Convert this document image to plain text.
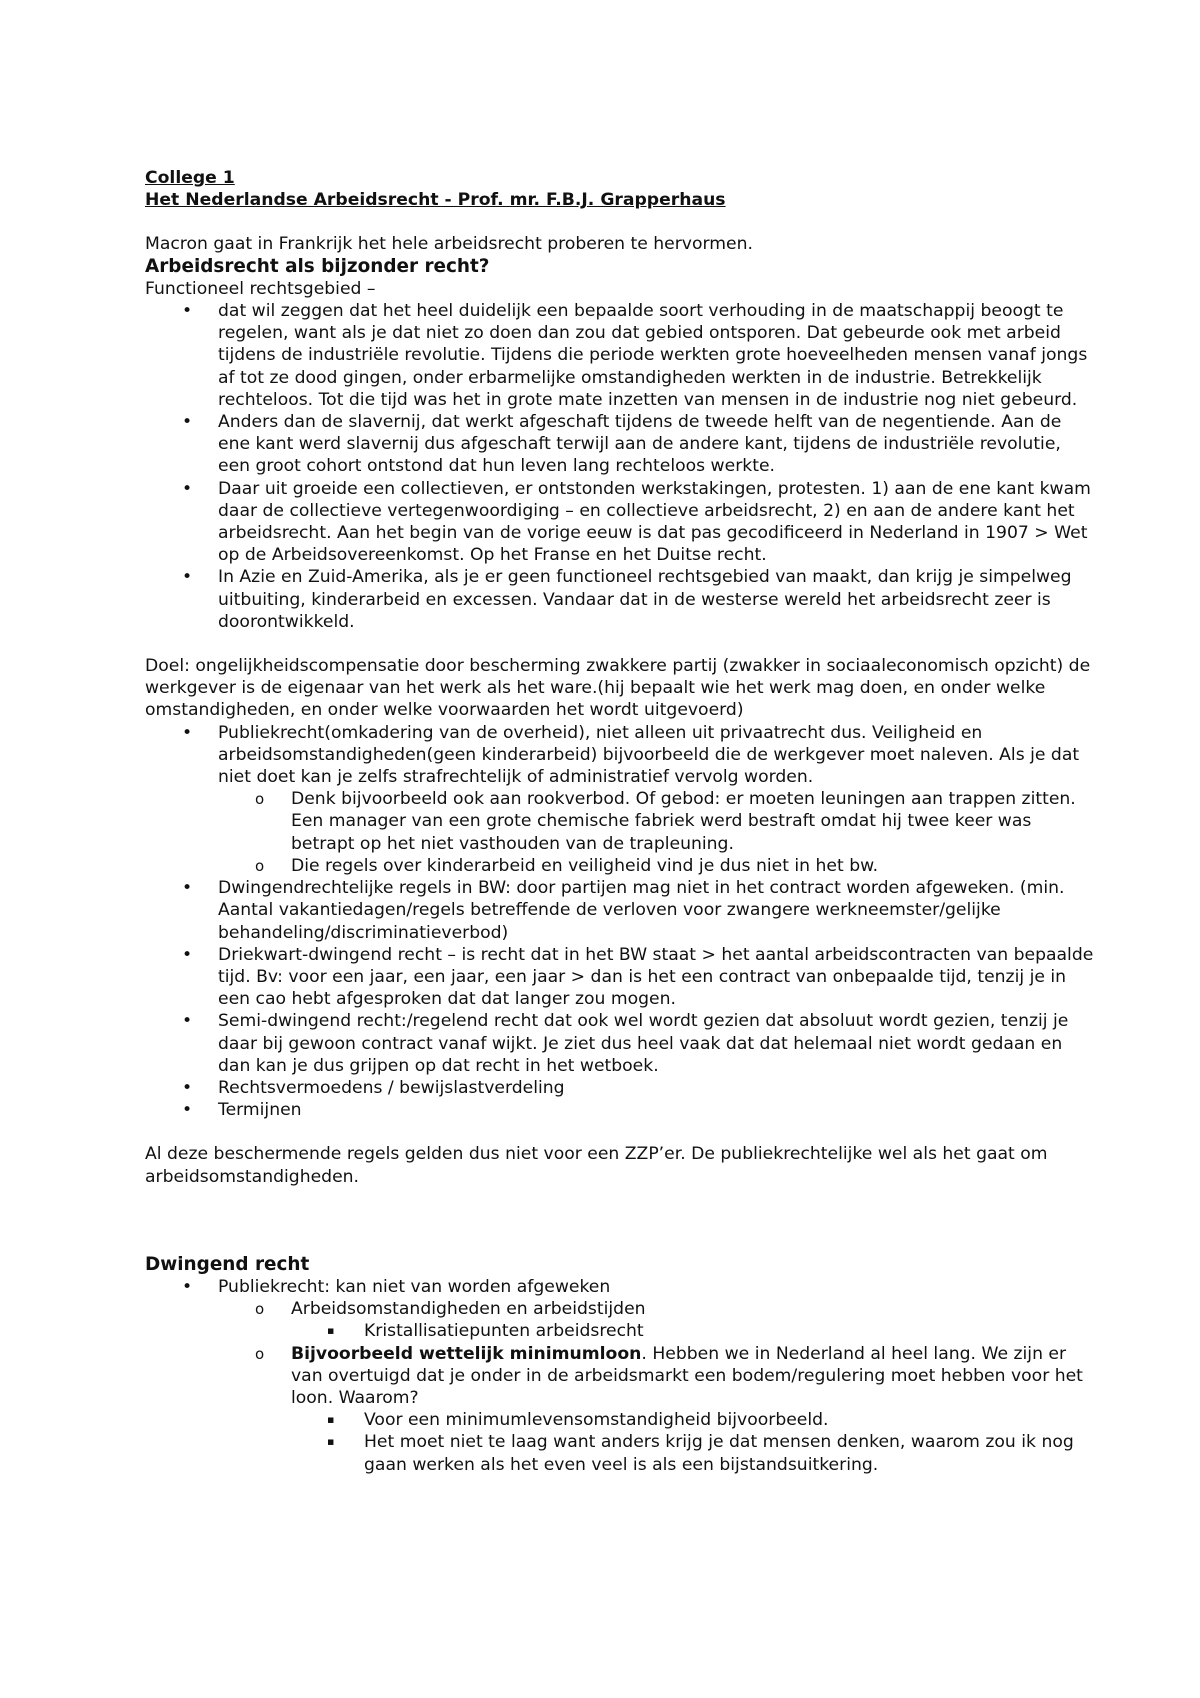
College 1
Het Nederlandse Arbeidsrecht - Prof. mr. F.B.J. Grapperhaus
Macron gaat in Frankrijk het hele arbeidsrecht proberen te hervormen.
Arbeidsrecht als bijzonder recht?
Functioneel rechtsgebied –
• dat wil zeggen dat het heel duidelijk een bepaalde soort verhouding in de maatschappij beoogt te regelen, want als je dat niet zo doen dan zou dat gebied ontsporen. Dat gebeurde ook met arbeid tijdens de industriële revolutie. Tijdens die periode werkten grote hoeveelheden mensen vanaf jongs af tot ze dood gingen, onder erbarmelijke omstandigheden werkten in de industrie. Betrekkelijk rechteloos. Tot die tijd was het in grote mate inzetten van mensen in de industrie nog niet gebeurd.
• Anders dan de slavernij, dat werkt afgeschaft tijdens de tweede helft van de negentiende. Aan de ene kant werd slavernij dus afgeschaft terwijl aan de andere kant, tijdens de industriële revolutie, een groot cohort ontstond dat hun leven lang rechteloos werkte.
• Daar uit groeide een collectieven, er ontstonden werkstakingen, protesten. 1) aan de ene kant kwam daar de collectieve vertegenwoordiging – en collectieve arbeidsrecht, 2) en aan de andere kant het arbeidsrecht. Aan het begin van de vorige eeuw is dat pas gecodificeerd in Nederland in 1907 > Wet op de Arbeidsovereenkomst. Op het Franse en het Duitse recht.
• In Azie en Zuid-Amerika, als je er geen functioneel rechtsgebied van maakt, dan krijg je simpelweg uitbuiting, kinderarbeid en excessen. Vandaar dat in de westerse wereld het arbeidsrecht zeer is doorontwikkeld.
Doel: ongelijkheidscompensatie door bescherming zwakkere partij (zwakker in sociaaleconomisch opzicht) de werkgever is de eigenaar van het werk als het ware.(hij bepaalt wie het werk mag doen, en onder welke omstandigheden, en onder welke voorwaarden het wordt uitgevoerd)
• Publiekrecht(omkadering van de overheid), niet alleen uit privaatrecht dus. Veiligheid en arbeidsomstandigheden(geen kinderarbeid) bijvoorbeeld die de werkgever moet naleven. Als je dat niet doet kan je zelfs strafrechtelijk of administratief vervolg worden.
o Denk bijvoorbeeld ook aan rookverbod. Of gebod: er moeten leuningen aan trappen zitten. Een manager van een grote chemische fabriek werd bestraft omdat hij twee keer was betrapt op het niet vasthouden van de trapleuning.
o Die regels over kinderarbeid en veiligheid vind je dus niet in het bw.
• Dwingendrechtelijke regels in BW: door partijen mag niet in het contract worden afgeweken. (min. Aantal vakantiedagen/regels betreffende de verloven voor zwangere werkneemster/gelijke behandeling/discriminatieverbod)
• Driekwart-dwingend recht – is recht dat in het BW staat > het aantal arbeidscontracten van bepaalde tijd. Bv: voor een jaar, een jaar, een jaar > dan is het een contract van onbepaalde tijd, tenzij je in een cao hebt afgesproken dat dat langer zou mogen.
• Semi-dwingend recht:/regelend recht dat ook wel wordt gezien dat absoluut wordt gezien, tenzij je daar bij gewoon contract vanaf wijkt. Je ziet dus heel vaak dat dat helemaal niet wordt gedaan en dan kan je dus grijpen op dat recht in het wetboek.
• Rechtsvermoedens / bewijslastverdeling
• Termijnen
Al deze beschermende regels gelden dus niet voor een ZZP’er. De publiekrechtelijke wel als het gaat om arbeidsomstandigheden.
Dwingend recht
• Publiekrecht: kan niet van worden afgeweken
o Arbeidsomstandigheden en arbeidstijden
▪ Kristallisatiepunten arbeidsrecht
o Bijvoorbeeld wettelijk minimumloon. Hebben we in Nederland al heel lang. We zijn er van overtuigd dat je onder in de arbeidsmarkt een bodem/regulering moet hebben voor het loon. Waarom?
▪ Voor een minimumlevensomstandigheid bijvoorbeeld.
▪ Het moet niet te laag want anders krijg je dat mensen denken, waarom zou ik nog gaan werken als het even veel is als een bijstandsuitkering.
